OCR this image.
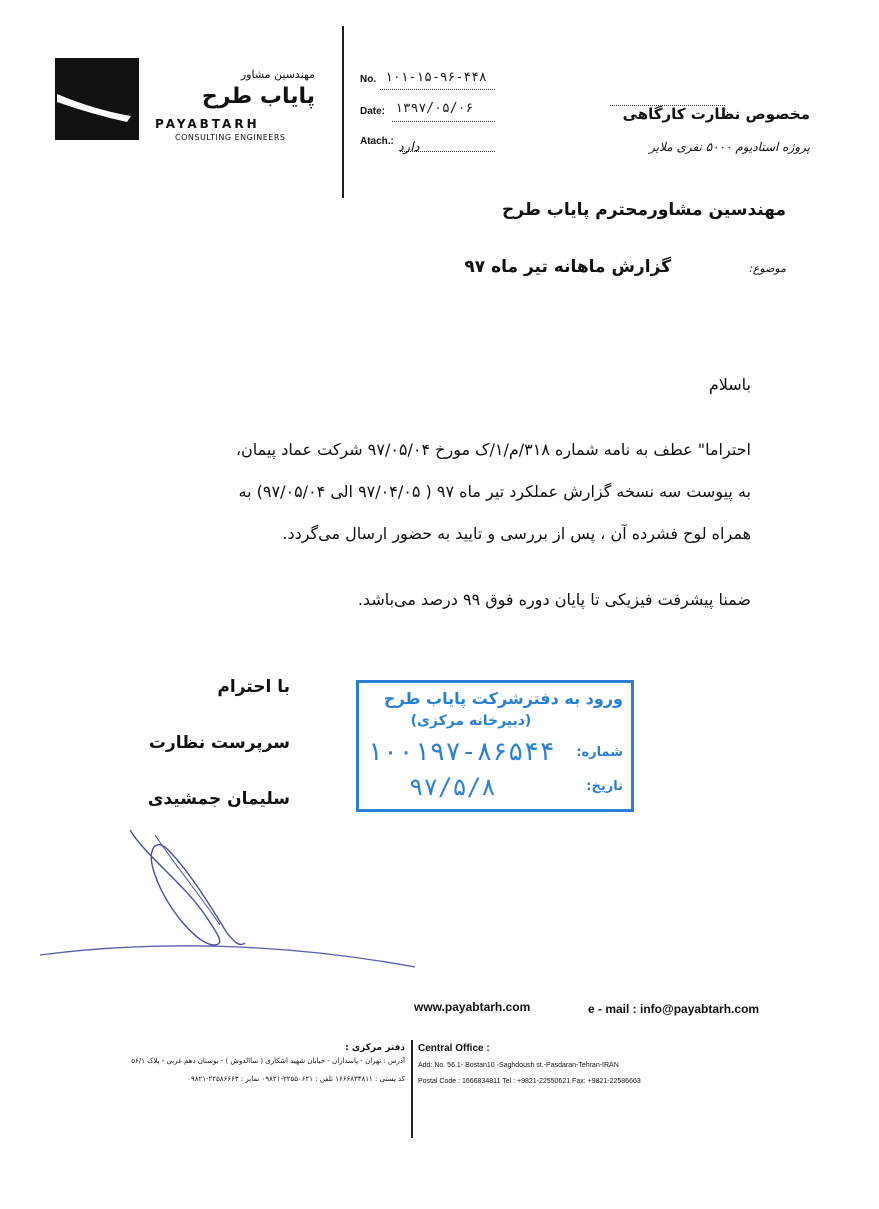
مهندسین مشاور
پایاب طرح
PAYABTARH
CONSULTING ENGINEERS
No. ۱۰۱-۱۵-۹۶-۴۴۸
Date: ۱۳۹۷/۰۵/۰۶
Atach.: دارد
مخصوص نظارت کارگاهی
پروژه استادیوم ۵۰۰۰ نفری ملایر
مهندسین مشاورمحترم پایاب طرح
موضوع:
گزارش ماهانه تیر ماه ۹۷
باسلام
احتراما" عطف به نامه شماره ۳۱۸/م/۱/ک مورخ ۹۷/۰۵/۰۴ شرکت عماد پیمان،
به پیوست سه نسخه گزارش عملکرد تیر ماه ۹۷ ( ۹۷/۰۴/۰۵ الی ۹۷/۰۵/۰۴) به
همراه لوح فشرده آن ، پس از بررسی و تایید به حضور ارسال می‌گردد.
ضمنا پیشرفت فیزیکی تا پایان دوره فوق ۹۹ درصد می‌باشد.
با احترام
سرپرست نظارت
سلیمان جمشیدی
ورود به دفترشرکت پایاب طرح
(دبیرخانه مرکزی)
شماره:
۱۰۰۱۹۷-۸۶۵۴۴
تاریخ:
۹۷/۵/۸
www.payabtarh.com	e - mail : info@payabtarh.com
دفتر مرکزی :
آدرس : تهران - پاسداران - خیابان شهید اشکاری ( ساالدوش ) - بوستان دهم غربی - پلاک ۵۶/۱
کد پستی : ۱۶۶۶۸۳۴۸۱۱ تلفن : ۲۲۵۵۰۶۲۱-۰۹۸۲۱ نمابر : ۲۲۵۸۶۶۶۳-۰۹۸۲۱
Central Office :
Add: No. 56.1- Bostan10 -Saghdoush st.-Pasdaran-Tehran-IRAN
Postal Code : 1666834811 Tel : +9821-22550621 Fax: +9821-22586663
